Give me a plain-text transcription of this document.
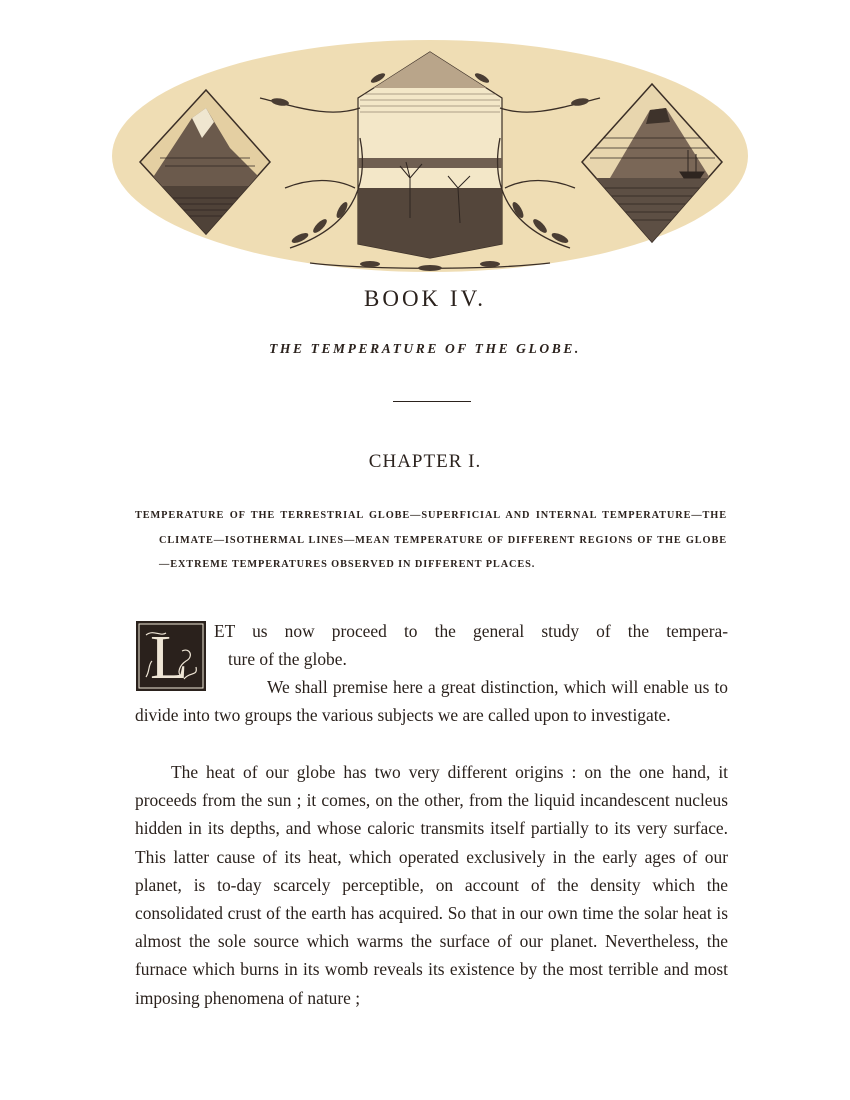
BOOK IV.
THE TEMPERATURE OF THE GLOBE.
CHAPTER I.

TEMPERATURE OF THE TERRESTRIAL GLOBE—SUPERFICIAL AND INTERNAL TEMPERATURE—THE CLIMATE—ISOTHERMAL LINES—MEAN TEMPERATURE OF DIFFERENT REGIONS OF THE GLOBE—EXTREME TEMPERATURES OBSERVED IN DIFFERENT PLACES.

L ET us now proceed to the general study of the tempera-

ture of the globe.

We shall premise here a great distinction, which will enable us to divide into two groups the various subjects we are called upon to investigate.

The heat of our globe has two very different origins : on the one hand, it proceeds from the sun ; it comes, on the other, from the liquid incandescent nucleus hidden in its depths, and whose caloric transmits itself partially to its very surface. This latter cause of its heat, which operated exclusively in the early ages of our planet, is to-day scarcely perceptible, on account of the density which the consolidated crust of the earth has acquired. So that in our own time the solar heat is almost the sole source which warms the surface of our planet. Nevertheless, the furnace which burns in its womb reveals its existence by the most terrible and most imposing phenomena of nature ;
